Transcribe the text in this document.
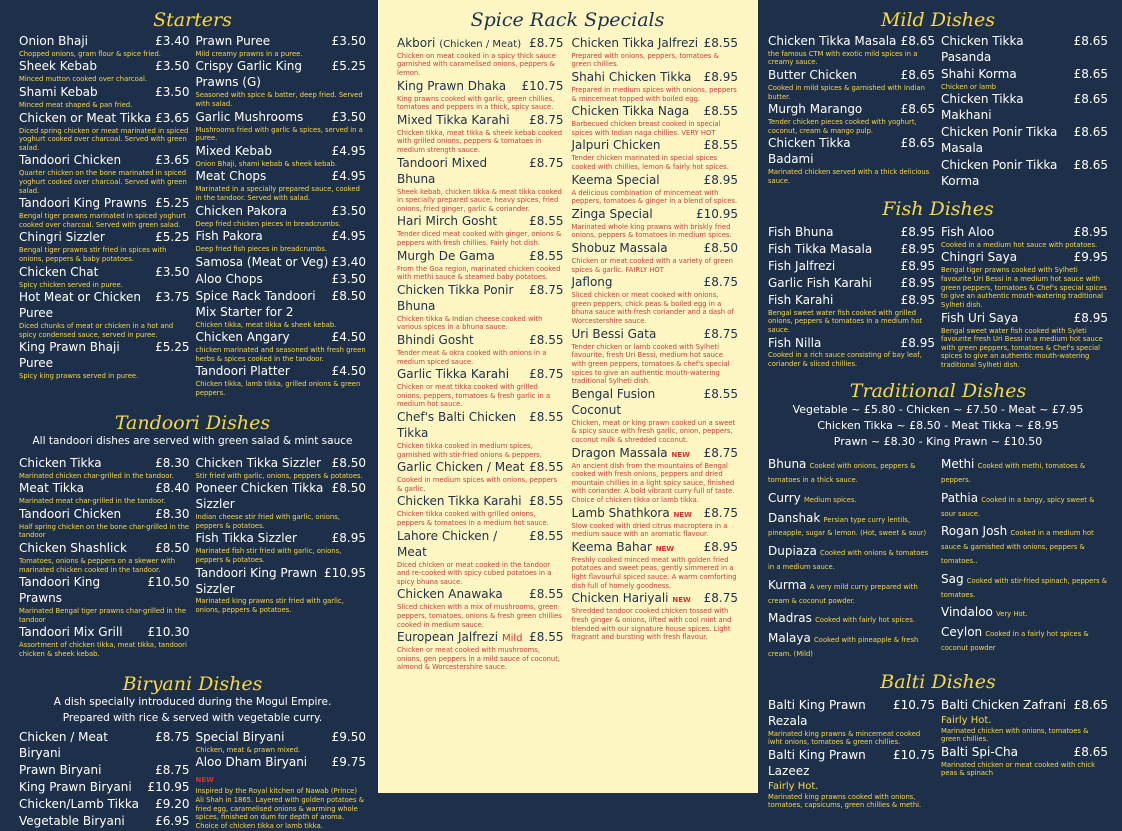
Starters
Onion Bhaji	£3.40
Chopped onions, gram flour & spice fried.
Sheek Kebab	£3.50
Minced mutton cooked over charcoal.
Shami Kebab	£3.50
Minced meat shaped & pan fried.
Chicken or Meat Tikka £3.65
Diced spring chicken or meat marinated in spiced yoghurt cooked over charcoal. Served with green salad.
Tandoori Chicken	£3.65
Quarter chicken on the bone marinated in spiced yoghurt cooked over charcoal. Served with green salad.
Tandoori King Prawns £5.25
Bengal tiger prawns marinated in spiced yoghurt cooked over charcoal. Served with green salad.
Chingri Sizzler	£5.25
Bengal tiger prawns stir fried in spices with onions, peppers & baby potatoes.
Chicken Chat	£3.50
Spicy chicken served in puree.
Hot Meat or Chicken Puree
£3.75
Diced chunks of meat or chicken in a hot and spicy condensed sauce, served in puree.
King Prawn Bhaji Puree
£5.25
Spicy king prawns served in puree.
Prawn Puree	£3.50
Mild creamy prawns in a puree.
Crispy Garlic King Prawns (G)
£5.25
Seasoned with spice & batter, deep fried. Served with salad.
Garlic Mushrooms	£3.50
Mushrooms fried with garlic & spices, served in a puree.
Mixed Kebab	£4.95
Onion Bhaji, shami kebab & sheek kebab.
Meat Chops	£4.95
Marinated in a specially prepared sauce, cooked in the tandoor. Served with salad.
Chicken Pakora	£3.50
Deep fried chicken pieces in breadcrumbs.
Fish Pakora	£4.95
Deep fried fish pieces in breadcrumbs.
Samosa (Meat or Veg) £3.40
Aloo Chops	£3.50
Spice Rack Tandoori Mix Starter for 2
£8.50
Chicken tikka, meat tikka & sheek kebab.
Chicken Angary	£4.50
chicken marinated and seasoned with fresh green herbs & spices cooked in the tandoor.
Tandoori Platter	£4.50
Chicken tikka, lamb tikka, grilled onions & green peppers.
Tandoori Dishes
All tandoori dishes are served with green salad & mint sauce
Chicken Tikka	£8.30
Marinated chicken char-grilled in the tandoor.
Meat Tikka	£8.40
Marinated meat char-grilled in the tandoor.
Tandoori Chicken	£8.30
Half spring chicken on the bone char-grilled in the tandoor
Chicken Shashlick	£8.50
Tomatoes, onions & peppers on a skewer with marinated chicken cooked in the tandoor.
Tandoori King Prawns
£10.50
Marinated Bengal tiger prawns char-grilled in the tandoor
Tandoori Mix Grill	£10.30
Assortment of chicken tikka, meat tikka, tandoori chicken & sheek kebab.
Chicken Tikka Sizzler £8.50
Stir fried with garlic, onions, peppers & potatoes.
Poneer Chicken Tikka Sizzler
£8.50
Indian cheese stir fried with garlic, onions, peppers & potatoes.
Fish Tikka Sizzler	£8.95
Marinated fish stir fried with garlic, onions, peppers & potatoes.
Tandoori King Prawn Sizzler
£10.95
Marinated king prawns stir fried with garlic, onions, peppers & potatoes.
Biryani Dishes
A dish specially introduced during the Mogul Empire.
Prepared with rice & served with vegetable curry.
Chicken / Meat Biryani
£8.75
Prawn Biryani	£8.75
King Prawn Biryani	£10.95
Chicken/Lamb Tikka	£9.20
Vegetable Biryani	£6.95
Special Biryani	£9.50
Chicken, meat & prawn mixed.
Aloo Dham Biryani NEW
£9.75
Inspired by the Royal kitchen of Nawab (Prince) Ali Shah in 1865. Layered with golden potatoes & fried egg, caramelised onions & warming whole spices, finished on dum for depth of aroma. Choice of chicken tikka or lamb tikka.
Spice Rack Specials
Akbori (Chicken / Meat) £8.75
Chicken on meat cooked in a spicy thick sauce garnished with caramelised onions, peppers & lemon.
King Prawn Dhaka	£10.75
King prawns cooked with garlic, green chillies, tomatoes and peppers in a thick, spicy sauce.
Mixed Tikka Karahi	£8.75
Chicken tikka, meat tikka & sheek kebab cooked with grilled onions, peppers & tomatoes in medium strength sauce.
Tandoori Mixed Bhuna
£8.75
Sheek kebab, chicken tikka & meat tikka cooked in specially prepared sauce, heavy spices, fried onions, fried ginger, garlic & coriander.
Hari Mirch Gosht	£8.55
Tender diced meat cooked with ginger, onions & peppers with fresh chillies. Fairly hot dish.
Murgh De Gama	£8.55
From the Goa region, marinated chicken cooked with methi sauce & steamed baby potatoes.
Chicken Tikka Ponir Bhuna
£8.75
Chicken tikka & Indian cheese cooked with various spices in a bhuna sauce.
Bhindi Gosht	£8.55
Tender meat & okra cooked with onions in a medium spiced sauce.
Garlic Tikka Karahi	£8.75
Chicken or meat tikka cooked with grilled onions, peppers, tomatoes & fresh garlic in a medium hot sauce.
Chef's Balti Chicken Tikka
£8.55
Chicken tikka cooked in medium spices, garnished with stir-fried onions & peppers.
Garlic Chicken / Meat £8.55
Cooked in medium spices with onions, peppers & garlic.
Chicken Tikka Karahi £8.55
Chicken tikka cooked with grilled onions, peppers & tomatoes in a medium hot sauce.
Lahore Chicken / Meat
£8.55
Diced chicken or meat cooked in the tandoor and re-cooked with spicy cubed potatoes in a spicy bhuna sauce.
Chicken Anawaka	£8.55
Sliced chicken with a mix of mushrooms, green peppers, tomatoes, onions & fresh green chillies cooked in medium sauce.
European Jalfrezi Mild £8.55
Chicken or meat cooked with mushrooms, onions, gen peppers in a mild sauce of coconut, almond & Worcestershire sauce.
Chicken Tikka Jalfrezi £8.55
Prepared with onions, peppers, tomatoes & green chillies.
Shahi Chicken Tikka	£8.95
Prepared in medium spices with onions, peppers & mincemeat topped with boiled egg.
Chicken Tikka Naga	£8.55
Barbecued chicken breast cooked in special spices with Indian naga chillies. VERY HOT
Jalpuri Chicken	£8.55
Tender chicken marinated in special spices cooked with chillies, lemon & fairly hot spices.
Keema Special	£8.95
A delicious combination of mincemeat with peppers, tomatoes & ginger in a blend of spices.
Zinga Special	£10.95
Marinated whole king prawns with briskly fried onions, peppers & tomatoes in medium spices.
Shobuz Massala	£8.50
Chicken or meat cooked with a variety of green spices & garlic. FAIRLY HOT
Jaflong	£8.75
Sliced chicken or meat cooked with onions, green peppers, chick peas & boiled egg in a bhuna sauce with fresh coriander and a dash of Worcestershire sauce.
Uri Bessi Gata	£8.75
Tender chicken or lamb cooked with Sylheti favourite, fresh Uri Bessi, medium hot sauce with green peppers, tomatoes & chef's special spices to give an authentic mouth-watering traditional Sylheti dish.
Bengal Fusion Coconut
£8.55
Chicken, meat or king prawn cooked un a sweet & spicy sauce with fresh garlic, onion, peppers, coconut milk & shredded coconut.
Dragon Massala NEW	£8.75
An ancient dish from the mountains of Bengal cooked with fresh onions, peppers and dried mountain chillies in a light spicy sauce, finished with coriander. A bold vibrant curry full of taste. Choice of chicken tikka or lamb tikka.
Lamb Shathkora NEW £8.75
Slow cooked with dried citrus macroptera in a medium sauce with an aromatic flavour.
Keema Bahar NEW	£8.95
Freshly cooked minced meat with golden fried potatoes and sweet peas, gently simmered in a light flavourful spiced sauce. A warm comforting dish full of homely goodness.
Chicken Hariyali NEW	£8.75
Shredded tandoor cooked chicken tossed with fresh ginger & onions, lifted with cool mint and blended with our signature house spices. Light fragrant and bursting with fresh flavour.
Mild Dishes
Chicken Tikka Masala £8.65
the famous CTM with exotic mild spices in a creamy sauce.
Butter Chicken	£8.65
Cooked in mild spices & garnished with Indian butter.
Murgh Marango	£8.65
Tender chicken pieces cooked with yoghurt, coconut, cream & mango pulp.
Chicken Tikka Badami
£8.65
Marinated chicken served with a thick delicious sauce.
Chicken Tikka Pasanda
£8.65
Shahi Korma	£8.65
Chicken or lamb
Chicken Tikka Makhani
£8.65
Chicken Ponir Tikka Masala
£8.65
Chicken Ponir Tikka Korma
£8.65
Fish Dishes
Fish Bhuna	£8.95
Fish Tikka Masala	£8.95
Fish Jalfrezi	£8.95
Garlic Fish Karahi	£8.95
Fish Karahi	£8.95
Bengal sweet water fish cooked with grilled onions, peppers & tomatoes in a medium hot sauce.
Fish Nilla	£8.95
Cooked in a rich sauce consisting of bay leaf, coriander & sliced chillies.
Fish Aloo	£8.95
Cooked in a medium hot sauce with potatoes.
Chingri Saya	£9.95
Bengal tiger prawns cooked with Sylheti favourite Uri Bessi in a medium hot sauce with green peppers, tomatoes & Chef's special spices to give an authentic mouth-watering traditional Sylheti dish.
Fish Uri Saya	£8.95
Bengal sweet water fish cooked with Syleti favourite fresh Uri Bessi in a medium hot sauce with green peppers, tomatoes & Chef's special spices to give an authentic mouth-watering traditional Sylheti dish.
Traditional Dishes
Vegetable ~ £5.80 - Chicken ~ £7.50 - Meat ~ £7.95
Chicken Tikka ~ £8.50 - Meat Tikka ~ £8.95
Prawn ~ £8.30 - King Prawn ~ £10.50
Bhuna Cooked with onions, peppers & tomatoes in a thick sauce.
Curry Medium spices.
Danshak Persian type curry lentils, pineapple, sugar & lemon. (Hot, sweet & sour)
Dupiaza Cooked with onions & tomatoes in a medium sauce.
Kurma A very mild curry prepared with cream & coconut powder.
Madras Cooked with fairly hot spices.
Malaya Cooked with pineapple & fresh cream. (Mild)
Methi Cooked with methi, tomatoes & peppers.
Pathia Cooked in a tangy, spicy sweet & sour sauce.
Rogan Josh Cooked in a medium hot sauce & garnished with onions, peppers & tomatoes..
Sag Cooked with stir-fried spinach, peppers & tomatoes.
Vindaloo Very Hot.
Ceylon Cooked in a fairly hot spices & coconut powder
Balti Dishes
Balti King Prawn Rezala
£10.75
Marinated king prawns & mincemeat cooked iwht onions, tomatoes & green chillies.
Balti King Prawn Lazeez
£10.75
Fairly Hot.
Marinated king prawns cooked with onions, tomatoes, capsicums, green chillies & methi.
Balti Chicken Zafrani £8.65
Fairly Hot.
Marinated chicken with onions, tomatoes & green chillies.
Balti Spi-Cha	£8.65
Marinated chicken or meat cooked with chick peas & spinach
